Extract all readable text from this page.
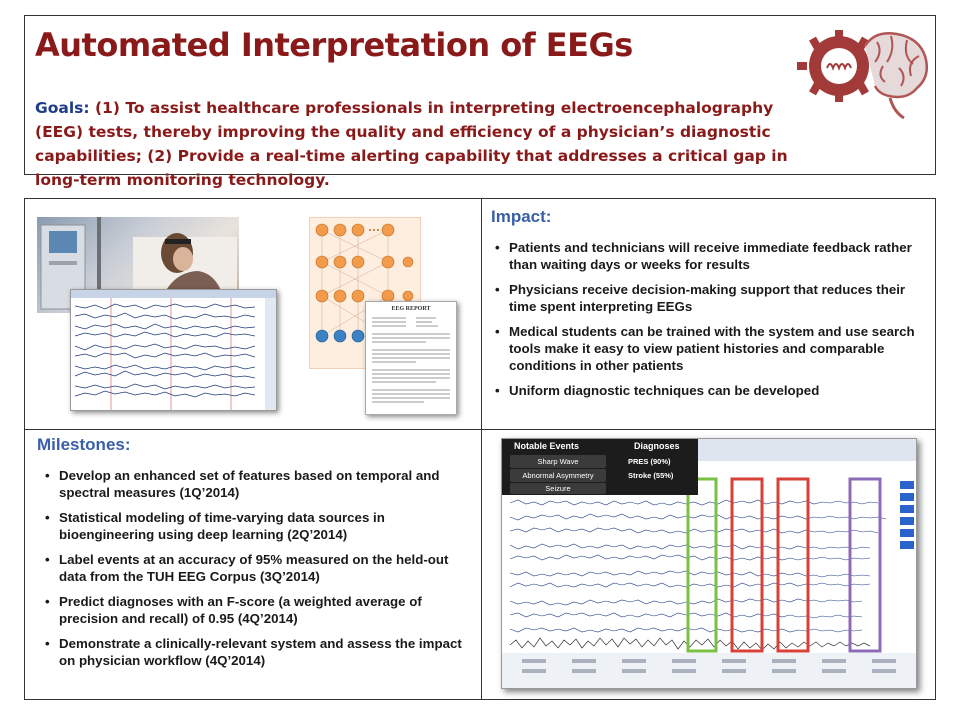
Automated Interpretation of EEGs
Goals: (1) To assist healthcare professionals in interpreting electroencephalography (EEG) tests, thereby improving the quality and efficiency of a physician’s diagnostic capabilities; (2) Provide a real-time alerting capability that addresses a critical gap in long-term monitoring technology.
EEG REPORT
Impact:
• Patients and technicians will receive immediate feedback rather than waiting days or weeks for results
• Physicians receive decision-making support that reduces their time spent interpreting EEGs
• Medical students can be trained with the system and use search tools make it easy to view patient histories and comparable conditions in other patients
• Uniform diagnostic techniques can be developed
Milestones:
• Develop an enhanced set of features based on temporal and spectral measures (1Q’2014)
• Statistical modeling of time-varying data sources in bioengineering using deep learning (2Q’2014)
• Label events at an accuracy of 95% measured on the held-out data from the TUH EEG Corpus (3Q’2014)
• Predict diagnoses with an F-score (a weighted average of precision and recall) of 0.95 (4Q’2014)
• Demonstrate a clinically-relevant system and assess the impact on physician workflow (4Q’2014)
Notable Events	Diagnoses
Sharp Wave
Abnormal Asymmetry
Seizure
PRES (90%)
Stroke (55%)
